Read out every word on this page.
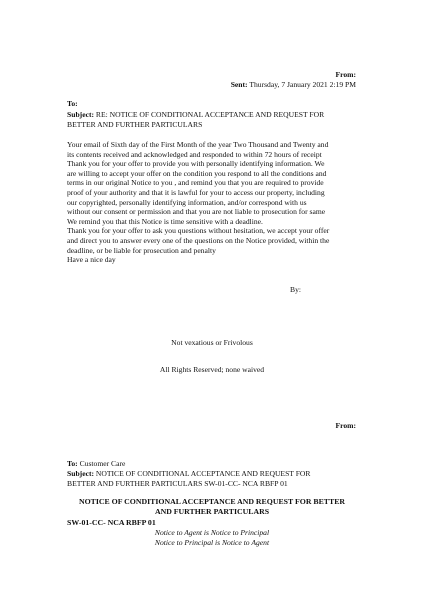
From:
Sent: Thursday, 7 January 2021 2:19 PM
To:
Subject: RE: NOTICE OF CONDITIONAL ACCEPTANCE AND REQUEST FOR
BETTER AND FURTHER PARTICULARS
Your email of Sixth day of the First Month of the year Two Thousand and Twenty and
its contents received and acknowledged and responded to within 72 hours of receipt
Thank you for your offer to provide you with personally identifying information. We
are willing to accept your offer on the condition you respond to all the conditions and
terms in our original Notice to you , and remind you that you are required to provide
proof of your authority and that it is lawful for your to access our property, including
our copyrighted, personally identifying information, and/or correspond with us
without our consent or permission and that you are not liable to prosecution for same
We remind you that this Notice is time sensitive with a deadline.
Thank you for your offer to ask you questions without hesitation, we accept your offer
and direct you to answer every one of the questions on the Notice provided, within the
deadline, or be liable for prosecution and penalty
Have a nice day
By:
Not vexatious or Frivolous
All Rights Reserved; none waived
From:
To: Customer Care
Subject: NOTICE OF CONDITIONAL ACCEPTANCE AND REQUEST FOR
BETTER AND FURTHER PARTICULARS SW-01-CC- NCA RBFP 01
NOTICE OF CONDITIONAL ACCEPTANCE AND REQUEST FOR BETTER
AND FURTHER PARTICULARS
SW-01-CC- NCA RBFP 01
Notice to Agent is Notice to Principal
Notice to Principal is Notice to Agent
